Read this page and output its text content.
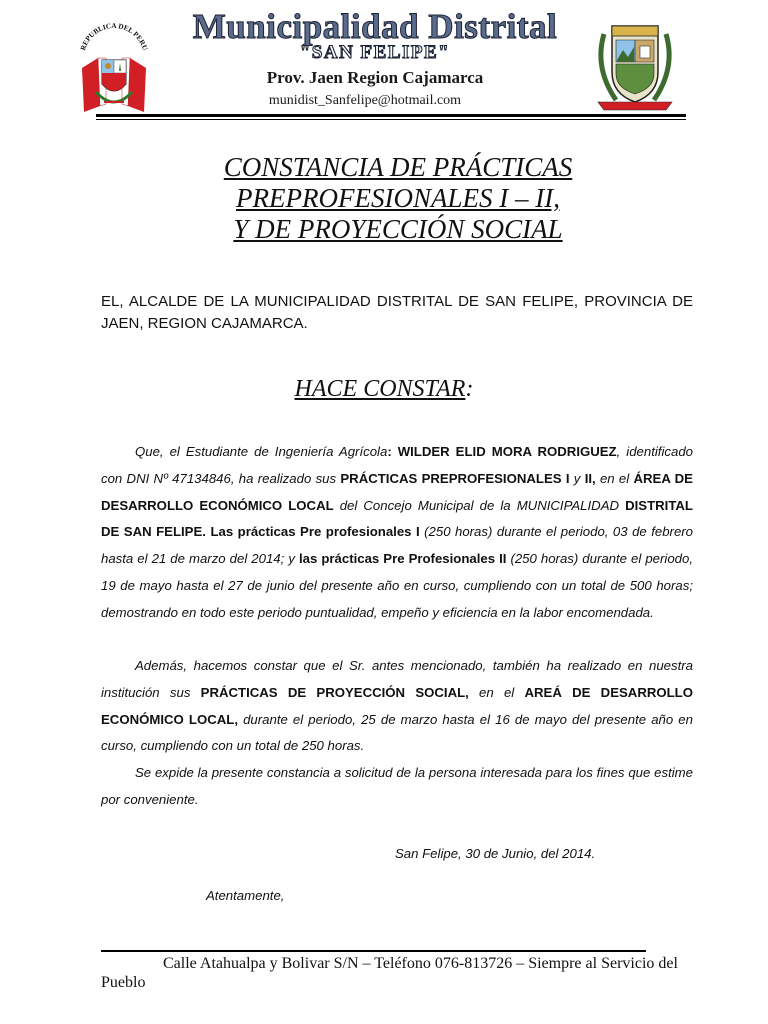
REPUBLICA DEL PERU
Municipalidad Distrital
"SAN FELIPE"
Prov. Jaen Region Cajamarca
munidist_Sanfelipe@hotmail.com
CONSTANCIA DE PRÁCTICAS
PREPROFESIONALES I – II,
Y DE PROYECCIÓN SOCIAL
EL, ALCALDE DE LA MUNICIPALIDAD DISTRITAL DE SAN FELIPE, PROVINCIA DE JAEN, REGION CAJAMARCA.
HACE CONSTAR:
Que, el Estudiante de Ingeniería Agrícola: WILDER ELID MORA RODRIGUEZ, identificado con DNI Nº 47134846, ha realizado sus PRÁCTICAS PREPROFESIONALES I y II, en el ÁREA DE DESARROLLO ECONÓMICO LOCAL del Concejo Municipal de la MUNICIPALIDAD DISTRITAL DE SAN FELIPE. Las prácticas Pre profesionales I (250 horas) durante el periodo, 03 de febrero hasta el 21 de marzo del 2014; y las prácticas Pre Profesionales II (250 horas) durante el periodo, 19 de mayo hasta el 27 de junio del presente año en curso, cumpliendo con un total de 500 horas; demostrando en todo este periodo puntualidad, empeño y eficiencia en la labor encomendada.
Además, hacemos constar que el Sr. antes mencionado, también ha realizado en nuestra institución sus PRÁCTICAS DE PROYECCIÓN SOCIAL, en el AREÁ DE DESARROLLO ECONÓMICO LOCAL, durante el periodo, 25 de marzo hasta el 16 de mayo del presente año en curso, cumpliendo con un total de 250 horas.
Se expide la presente constancia a solicitud de la persona interesada para los fines que estime por conveniente.
San Felipe, 30 de Junio, del 2014.
Atentamente,
Calle Atahualpa y Bolivar S/N – Teléfono 076-813726 – Siempre al Servicio del Pueblo
